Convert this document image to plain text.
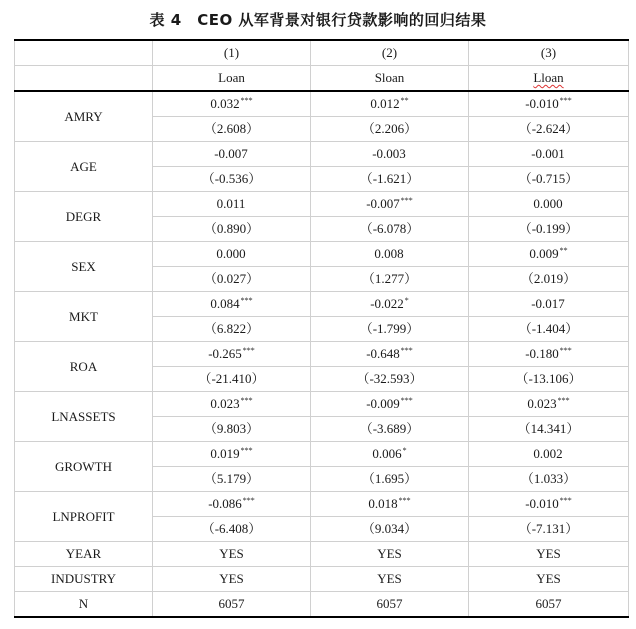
表 4　CEO 从军背景对银行贷款影响的回归结果
	(1)	(2)	(3)
	Loan	Sloan	Lloan
AMRY	0.032***	0.012**	-0.010***
	（2.608）	（2.206）	（-2.624）
AGE	-0.007	-0.003	-0.001
	（-0.536）	（-1.621）	（-0.715）
DEGR	0.011	-0.007***	0.000
	（0.890）	（-6.078）	（-0.199）
SEX	0.000	0.008	0.009**
	（0.027）	（1.277）	（2.019）
MKT	0.084***	-0.022*	-0.017
	（6.822）	（-1.799）	（-1.404）
ROA	-0.265***	-0.648***	-0.180***
	（-21.410）	（-32.593）	（-13.106）
LNASSETS	0.023***	-0.009***	0.023***
	（9.803）	（-3.689）	（14.341）
GROWTH	0.019***	0.006*	0.002
	（5.179）	（1.695）	（1.033）
LNPROFIT	-0.086***	0.018***	-0.010***
	（-6.408）	（9.034）	（-7.131）
YEAR	YES	YES	YES
INDUSTRY	YES	YES	YES
N	6057	6057	6057
